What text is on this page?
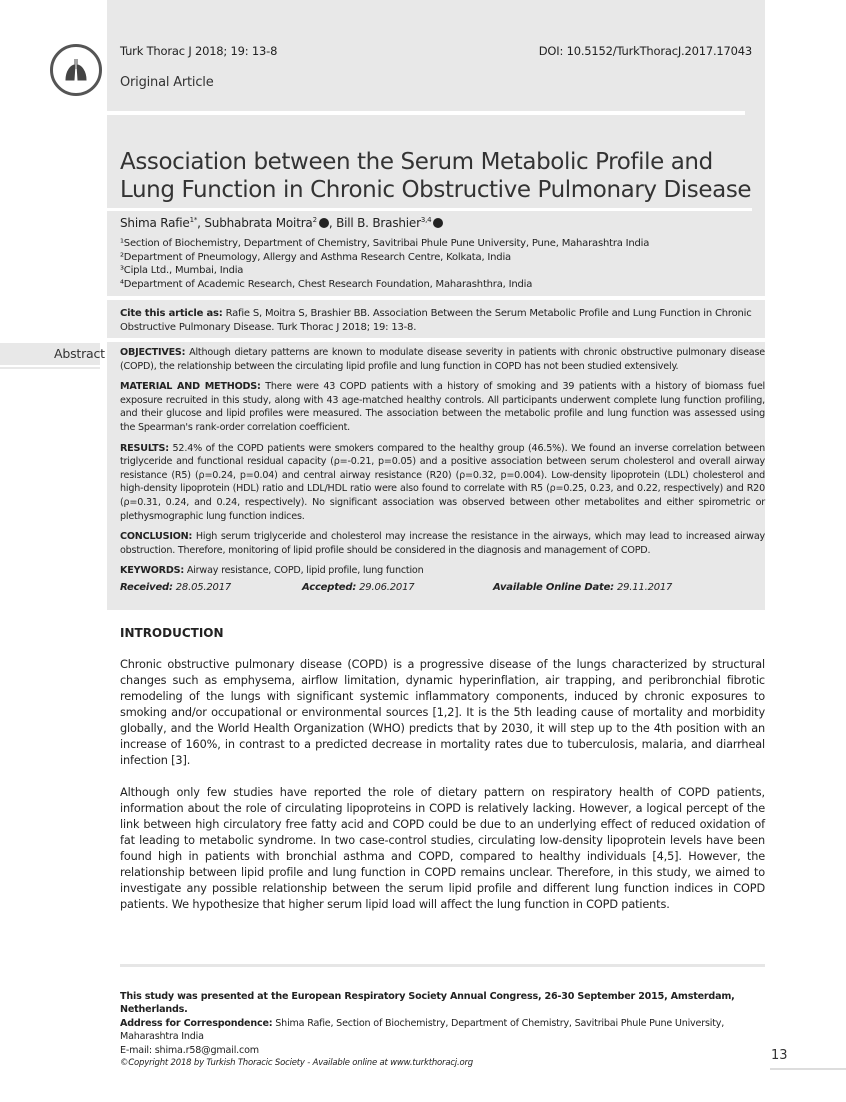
Turk Thorac J 2018; 19: 13-8	DOI: 10.5152/TurkThoracJ.2017.17043
Original Article
Association between the Serum Metabolic Profile and Lung Function in Chronic Obstructive Pulmonary Disease
Shima Rafie$^{1*}$, Subhabrata Moitra$^2$ , Bill B. Brashier$^{3,4}$
¹Section of Biochemistry, Department of Chemistry, Savitribai Phule Pune University, Pune, Maharashtra India
²Department of Pneumology, Allergy and Asthma Research Centre, Kolkata, India
³Cipla Ltd., Mumbai, India
⁴Department of Academic Research, Chest Research Foundation, Maharashthra, India
Cite this article as: Rafie S, Moitra S, Brashier BB. Association Between the Serum Metabolic Profile and Lung Function in Chronic Obstructive Pulmonary Disease. Turk Thorac J 2018; 19: 13-8.
Abstract OBJECTIVES: Although dietary patterns are known to modulate disease severity in patients with chronic obstructive pulmonary disease (COPD), the relationship between the circulating lipid profile and lung function in COPD has not been studied extensively.

MATERIAL AND METHODS: There were 43 COPD patients with a history of smoking and 39 patients with a history of biomass fuel exposure recruited in this study, along with 43 age-matched healthy controls. All participants underwent complete lung function profiling, and their glucose and lipid profiles were measured. The association between the metabolic profile and lung function was assessed using the Spearman's rank-order correlation coefficient.

RESULTS: 52.4% of the COPD patients were smokers compared to the healthy group (46.5%). We found an inverse correlation between triglyceride and functional residual capacity (ρ=-0.21, p=0.05) and a positive association between serum cholesterol and overall airway resistance (R5) (ρ=0.24, p=0.04) and central airway resistance (R20) (ρ=0.32, p=0.004). Low-density lipoprotein (LDL) cholesterol and high-density lipoprotein (HDL) ratio and LDL/HDL ratio were also found to correlate with R5 (ρ=0.25, 0.23, and 0.22, respectively) and R20 (ρ=0.31, 0.24, and 0.24, respectively). No significant association was observed between other metabolites and either spirometric or plethysmographic lung function indices.

CONCLUSION: High serum triglyceride and cholesterol may increase the resistance in the airways, which may lead to increased airway obstruction. Therefore, monitoring of lipid profile should be considered in the diagnosis and management of COPD.

KEYWORDS: Airway resistance, COPD, lipid profile, lung function

Received: 28.05.2017	Accepted: 29.06.2017	Available Online Date: 29.11.2017
INTRODUCTION

Chronic obstructive pulmonary disease (COPD) is a progressive disease of the lungs characterized by structural changes such as emphysema, airflow limitation, dynamic hyperinflation, air trapping, and peribronchial fibrotic remodeling of the lungs with significant systemic inflammatory components, induced by chronic exposures to smoking and/or occupational or environmental sources [1,2]. It is the 5th leading cause of mortality and morbidity globally, and the World Health Organization (WHO) predicts that by 2030, it will step up to the 4th position with an increase of 160%, in contrast to a predicted decrease in mortality rates due to tuberculosis, malaria, and diarrheal infection [3].

Although only few studies have reported the role of dietary pattern on respiratory health of COPD patients, information about the role of circulating lipoproteins in COPD is relatively lacking. However, a logical percept of the link between high circulatory free fatty acid and COPD could be due to an underlying effect of reduced oxidation of fat leading to metabolic syndrome. In two case-control studies, circulating low-density lipoprotein levels have been found high in patients with bronchial asthma and COPD, compared to healthy individuals [4,5]. However, the relationship between lipid profile and lung function in COPD remains unclear. Therefore, in this study, we aimed to investigate any possible relationship between the serum lipid profile and different lung function indices in COPD patients. We hypothesize that higher serum lipid load will affect the lung function in COPD patients.

This study was presented at the European Respiratory Society Annual Congress, 26-30 September 2015, Amsterdam, Netherlands.
Address for Correspondence: Shima Rafie, Section of Biochemistry, Department of Chemistry, Savitribai Phule Pune University, Maharashtra India
E-mail: shima.r58@gmail.com
©Copyright 2018 by Turkish Thoracic Society - Available online at www.turkthoracj.org
13
